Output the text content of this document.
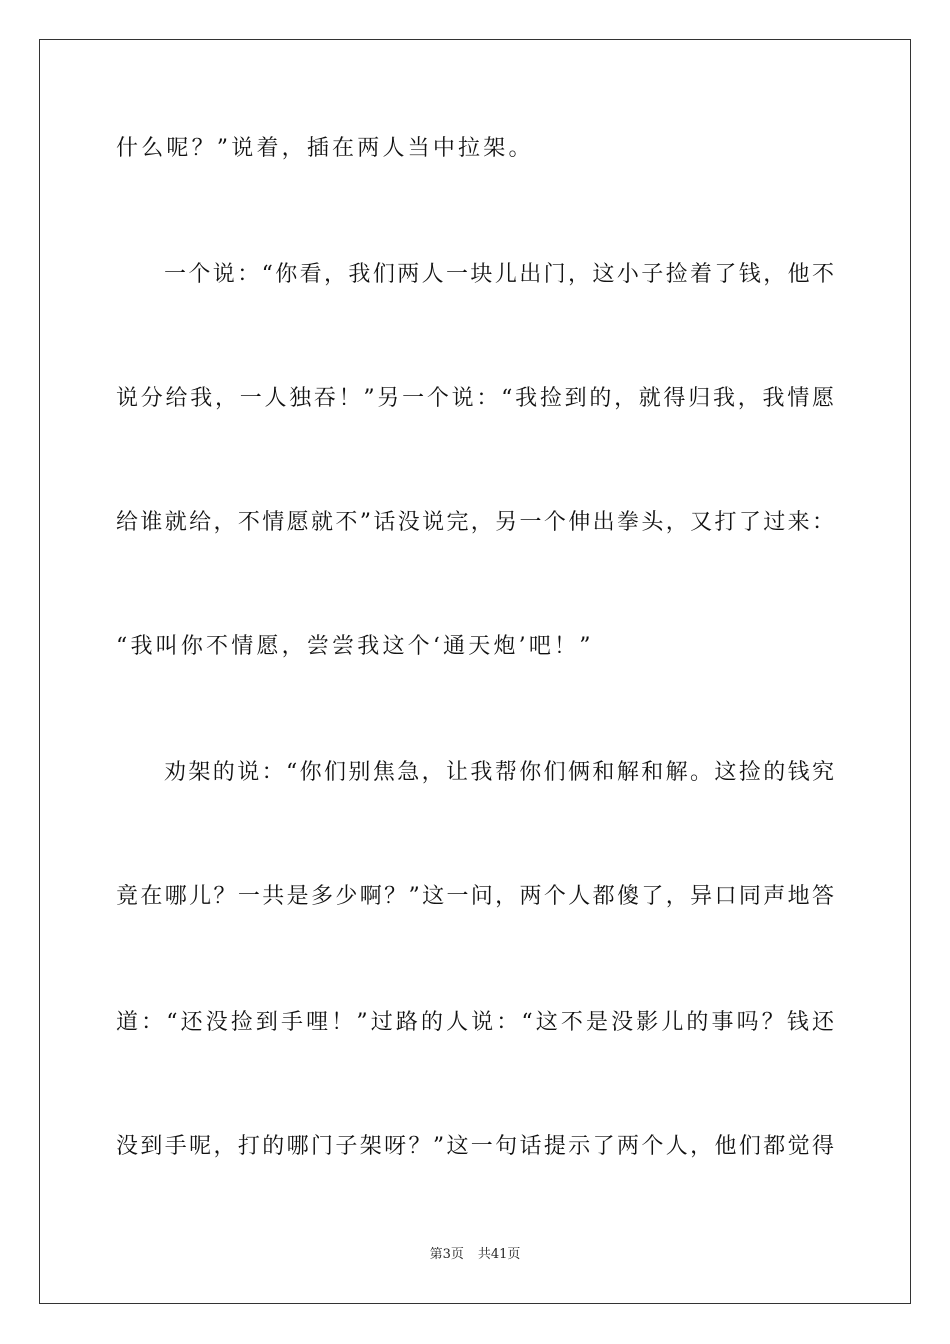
什么呢？”说着，插在两人当中拉架。
一个说：“你看，我们两人一块儿出门，这小子捡着了钱，他不
说分给我，一人独吞！”另一个说：“我捡到的，就得归我，我情愿
给谁就给，不情愿就不”话没说完，另一个伸出拳头，又打了过来：
“我叫你不情愿，尝尝我这个‘通天炮’吧！”
劝架的说：“你们别焦急，让我帮你们俩和解和解。这捡的钱究
竟在哪儿？一共是多少啊？”这一问，两个人都傻了，异口同声地答
道：“还没捡到手哩！”过路的人说：“这不是没影儿的事吗？钱还
没到手呢，打的哪门子架呀？”这一句话提示了两个人，他们都觉得
第3页 共41页
